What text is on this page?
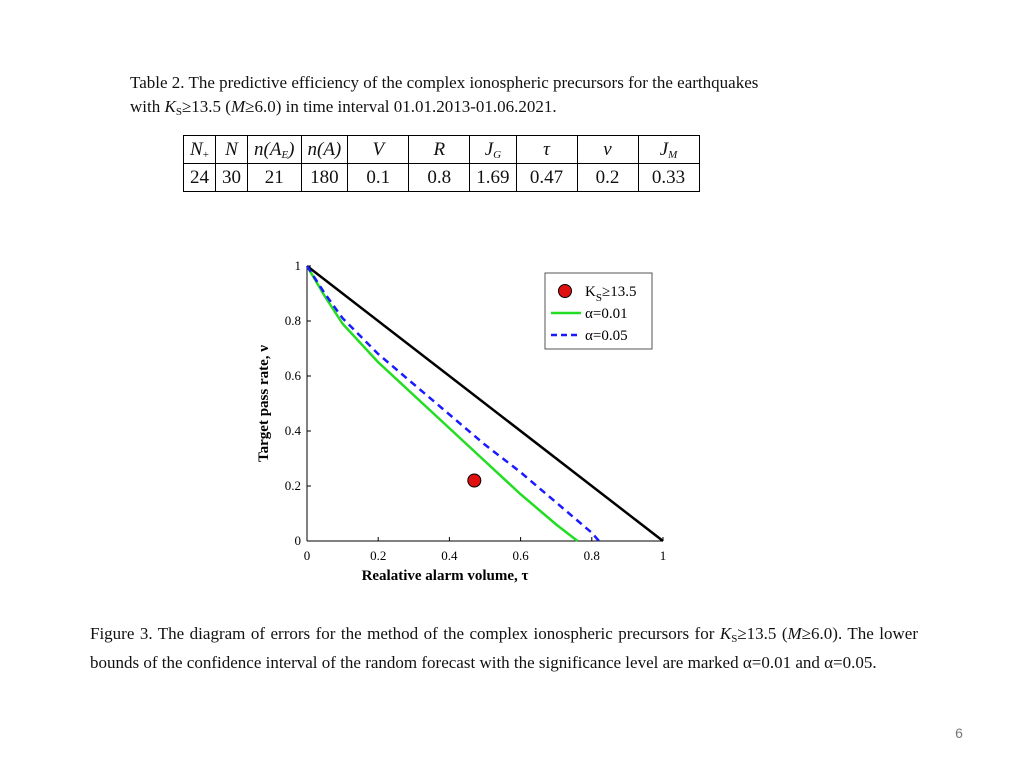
Table 2. The predictive efficiency of the complex ionospheric precursors for the earthquakes
with $K_S\ge 13.5$ (M≥6.0) in time interval 01.01.2013-01.06.2021.
$N_+$	N	$n(A_E)$	n(A)	V	R	$J_G$	τ	ν	$J_M$
24	30	21	180	0.1	0.8	1.69	0.47	0.2	0.33
0	0.2	0.4	0.6	0.8	1
0
0.2
0.4
0.6
0.8
1
Realative alarm volume, τ
Target pass rate, ν
$K_S\ge 13.5$
α=0.01
α=0.05
Figure 3. The diagram of errors for the method of the complex ionospheric precursors for $K_S\ge 13.5$ (M≥6.0). The lower bounds of the confidence interval of the random forecast with the significance level are marked α=0.01 and α=0.05.
6
